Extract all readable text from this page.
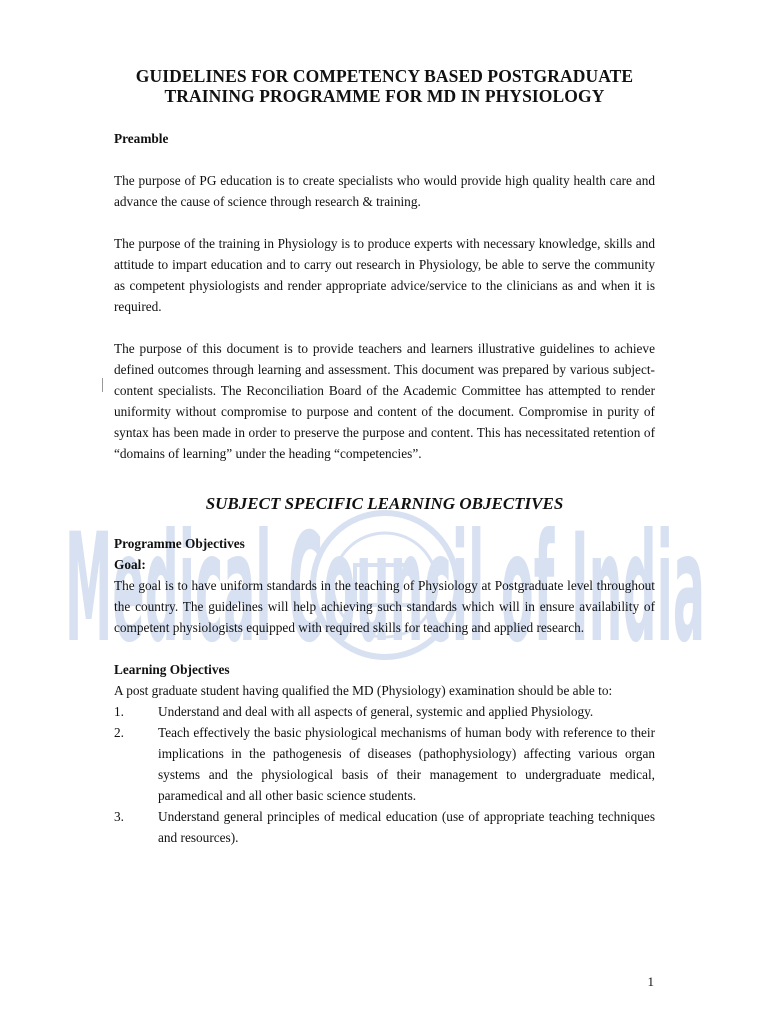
Medical Council of India
GUIDELINES FOR COMPETENCY BASED POSTGRADUATE TRAINING PROGRAMME FOR MD IN PHYSIOLOGY
Preamble

The purpose of PG education is to create specialists who would provide high quality health care and advance the cause of science through research & training.

The purpose of the training in Physiology is to produce experts with necessary knowledge, skills and attitude to impart education and to carry out research in Physiology, be able to serve the community as competent physiologists and render appropriate advice/service to the clinicians as and when it is required.

The purpose of this document is to provide teachers and learners illustrative guidelines to achieve defined outcomes through learning and assessment. This document was prepared by various subject-content specialists. The Reconciliation Board of the Academic Committee has attempted to render uniformity without compromise to purpose and content of the document. Compromise in purity of syntax has been made in order to preserve the purpose and content. This has necessitated retention of “domains of learning” under the heading “competencies”.

SUBJECT SPECIFIC LEARNING OBJECTIVES
Programme Objectives
Goal:

The goal is to have uniform standards in the teaching of Physiology at Postgraduate level throughout the country. The guidelines will help achieving such standards which will in ensure availability of competent physiologists equipped with required skills for teaching and applied research.

Learning Objectives

A post graduate student having qualified the MD (Physiology) examination should be able to:

1.	Understand and deal with all aspects of general, systemic and applied Physiology.
2.	Teach effectively the basic physiological mechanisms of human body with reference to their implications in the pathogenesis of diseases (pathophysiology) affecting various organ systems and the physiological basis of their management to undergraduate medical, paramedical and all other basic science students.
3.	Understand general principles of medical education (use of appropriate teaching techniques and resources).
1
